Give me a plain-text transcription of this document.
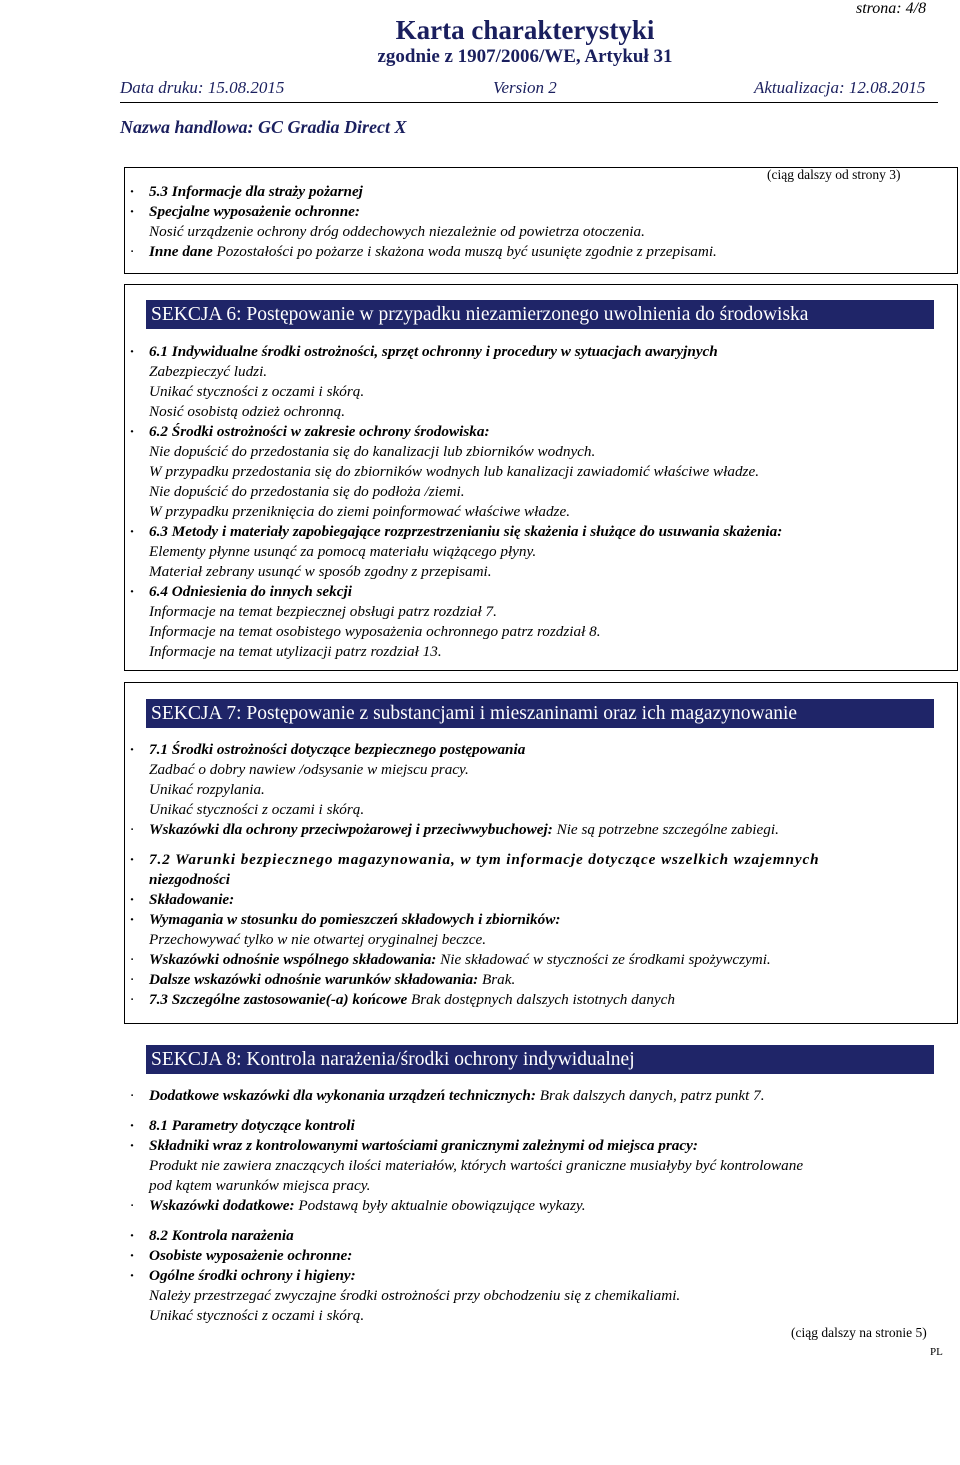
strona: 4/8
Karta charakterystyki
zgodnie z 1907/2006/WE, Artykuł 31
Data druku: 15.08.2015	Version 2	Aktualizacja: 12.08.2015
Nazwa handlowa: GC Gradia Direct X
(ciąg dalszy od strony 3)
· 5.3 Informacje dla straży pożarnej
· Specjalne wyposażenie ochronne:
Nosić urządzenie ochrony dróg oddechowych niezależnie od powietrza otoczenia.
· Inne dane Pozostałości po pożarze i skażona woda muszą być usunięte zgodnie z przepisami.
SEKCJA 6: Postępowanie w przypadku niezamierzonego uwolnienia do środowiska
· 6.1 Indywidualne środki ostrożności, sprzęt ochronny i procedury w sytuacjach awaryjnych
Zabezpieczyć ludzi.
Unikać styczności z oczami i skórą.
Nosić osobistą odzież ochronną.
· 6.2 Środki ostrożności w zakresie ochrony środowiska:
Nie dopuścić do przedostania się do kanalizacji lub zbiorników wodnych.
W przypadku przedostania się do zbiorników wodnych lub kanalizacji zawiadomić właściwe władze.
Nie dopuścić do przedostania się do podłoża /ziemi.
W przypadku przeniknięcia do ziemi poinformować właściwe władze.
· 6.3 Metody i materiały zapobiegające rozprzestrzenianiu się skażenia i służące do usuwania skażenia:
Elementy płynne usunąć za pomocą materiału wiążącego płyny.
Materiał zebrany usunąć w sposób zgodny z przepisami.
· 6.4 Odniesienia do innych sekcji
Informacje na temat bezpiecznej obsługi patrz rozdział 7.
Informacje na temat osobistego wyposażenia ochronnego patrz rozdział 8.
Informacje na temat utylizacji patrz rozdział 13.
SEKCJA 7: Postępowanie z substancjami i mieszaninami oraz ich magazynowanie
· 7.1 Środki ostrożności dotyczące bezpiecznego postępowania
Zadbać o dobry nawiew /odsysanie w miejscu pracy.
Unikać rozpylania.
Unikać styczności z oczami i skórą.
· Wskazówki dla ochrony przeciwpożarowej i przeciwwybuchowej: Nie są potrzebne szczególne zabiegi.
· 7.2 Warunki bezpiecznego magazynowania, w tym informacje dotyczące wszelkich wzajemnych
niezgodności
· Składowanie:
· Wymagania w stosunku do pomieszczeń składowych i zbiorników:
Przechowywać tylko w nie otwartej oryginalnej beczce.
· Wskazówki odnośnie wspólnego składowania: Nie składować w styczności ze środkami spożywczymi.
· Dalsze wskazówki odnośnie warunków składowania: Brak.
· 7.3 Szczególne zastosowanie(-a) końcowe Brak dostępnych dalszych istotnych danych
SEKCJA 8: Kontrola narażenia/środki ochrony indywidualnej
· Dodatkowe wskazówki dla wykonania urządzeń technicznych: Brak dalszych danych, patrz punkt 7.
· 8.1 Parametry dotyczące kontroli
· Składniki wraz z kontrolowanymi wartościami granicznymi zależnymi od miejsca pracy:
Produkt nie zawiera znaczących ilości materiałów, których wartości graniczne musiałyby być kontrolowane
pod kątem warunków miejsca pracy.
· Wskazówki dodatkowe: Podstawą były aktualnie obowiązujące wykazy.
· 8.2 Kontrola narażenia
· Osobiste wyposażenie ochronne:
· Ogólne środki ochrony i higieny:
Należy przestrzegać zwyczajne środki ostrożności przy obchodzeniu się z chemikaliami.
Unikać styczności z oczami i skórą.
(ciąg dalszy na stronie 5)
PL
